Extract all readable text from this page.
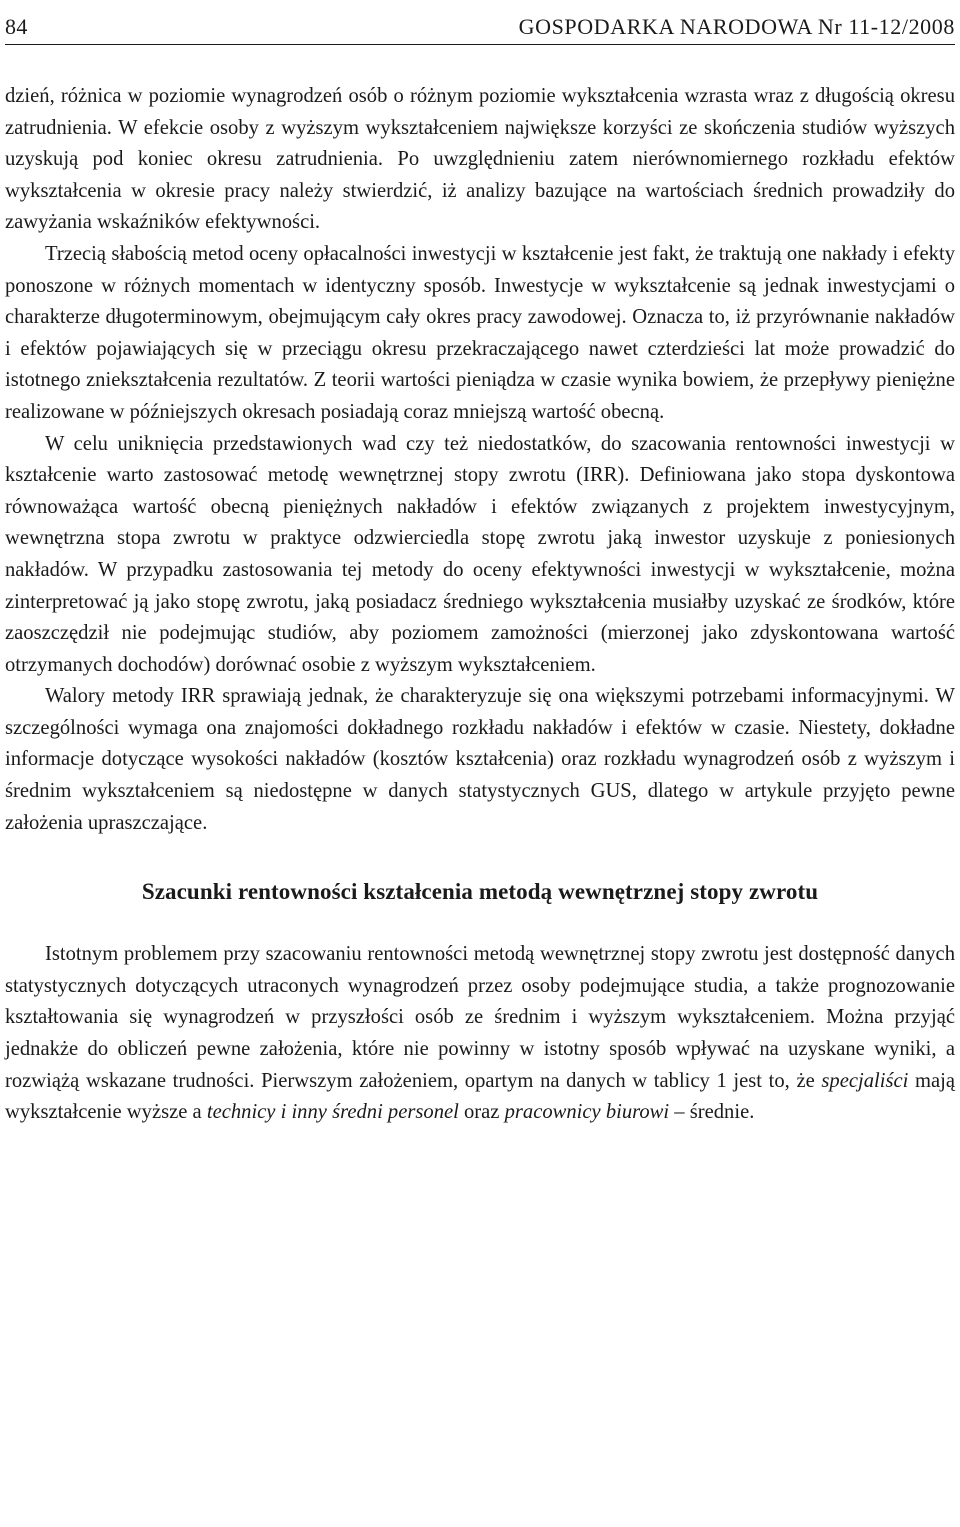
84	GOSPODARKA NARODOWA Nr 11-12/2008

dzień, różnica w poziomie wynagrodzeń osób o różnym poziomie wykształcenia wzrasta wraz z długością okresu zatrudnienia. W efekcie osoby z wyższym wykształceniem największe korzyści ze skończenia studiów wyższych uzyskują pod koniec okresu zatrudnienia. Po uwzględnieniu zatem nierównomiernego rozkładu efektów wykształcenia w okresie pracy należy stwierdzić, iż analizy bazujące na wartościach średnich prowadziły do zawyżania wskaźników efektywności.

Trzecią słabością metod oceny opłacalności inwestycji w kształcenie jest fakt, że traktują one nakłady i efekty ponoszone w różnych momentach w identyczny sposób. Inwestycje w wykształcenie są jednak inwestycjami o charakterze długoterminowym, obejmującym cały okres pracy zawodowej. Oznacza to, iż przyrównanie nakładów i efektów pojawiających się w przeciągu okresu przekraczającego nawet czterdzieści lat może prowadzić do istotnego zniekształcenia rezultatów. Z teorii wartości pieniądza w czasie wynika bowiem, że przepływy pieniężne realizowane w późniejszych okresach posiadają coraz mniejszą wartość obecną.

W celu uniknięcia przedstawionych wad czy też niedostatków, do szacowania rentowności inwestycji w kształcenie warto zastosować metodę wewnętrznej stopy zwrotu (IRR). Definiowana jako stopa dyskontowa równoważąca wartość obecną pieniężnych nakładów i efektów związanych z projektem inwestycyjnym, wewnętrzna stopa zwrotu w praktyce odzwierciedla stopę zwrotu jaką inwestor uzyskuje z poniesionych nakładów. W przypadku zastosowania tej metody do oceny efektywności inwestycji w wykształcenie, można zinterpretować ją jako stopę zwrotu, jaką posiadacz średniego wykształcenia musiałby uzyskać ze środków, które zaoszczędził nie podejmując studiów, aby poziomem zamożności (mierzonej jako zdyskontowana wartość otrzymanych dochodów) dorównać osobie z wyższym wykształceniem.

Walory metody IRR sprawiają jednak, że charakteryzuje się ona większymi potrzebami informacyjnymi. W szczególności wymaga ona znajomości dokładnego rozkładu nakładów i efektów w czasie. Niestety, dokładne informacje dotyczące wysokości nakładów (kosztów kształcenia) oraz rozkładu wynagrodzeń osób z wyższym i średnim wykształceniem są niedostępne w danych statystycznych GUS, dlatego w artykule przyjęto pewne założenia upraszczające.

Szacunki rentowności kształcenia metodą wewnętrznej stopy zwrotu

Istotnym problemem przy szacowaniu rentowności metodą wewnętrznej stopy zwrotu jest dostępność danych statystycznych dotyczących utraconych wynagrodzeń przez osoby podejmujące studia, a także prognozowanie kształtowania się wynagrodzeń w przyszłości osób ze średnim i wyższym wykształceniem. Można przyjąć jednakże do obliczeń pewne założenia, które nie powinny w istotny sposób wpływać na uzyskane wyniki, a rozwiążą wskazane trudności. Pierwszym założeniem, opartym na danych w tablicy 1 jest to, że specjaliści mają wykształcenie wyższe a technicy i inny średni personel oraz pracownicy biurowi – średnie.
